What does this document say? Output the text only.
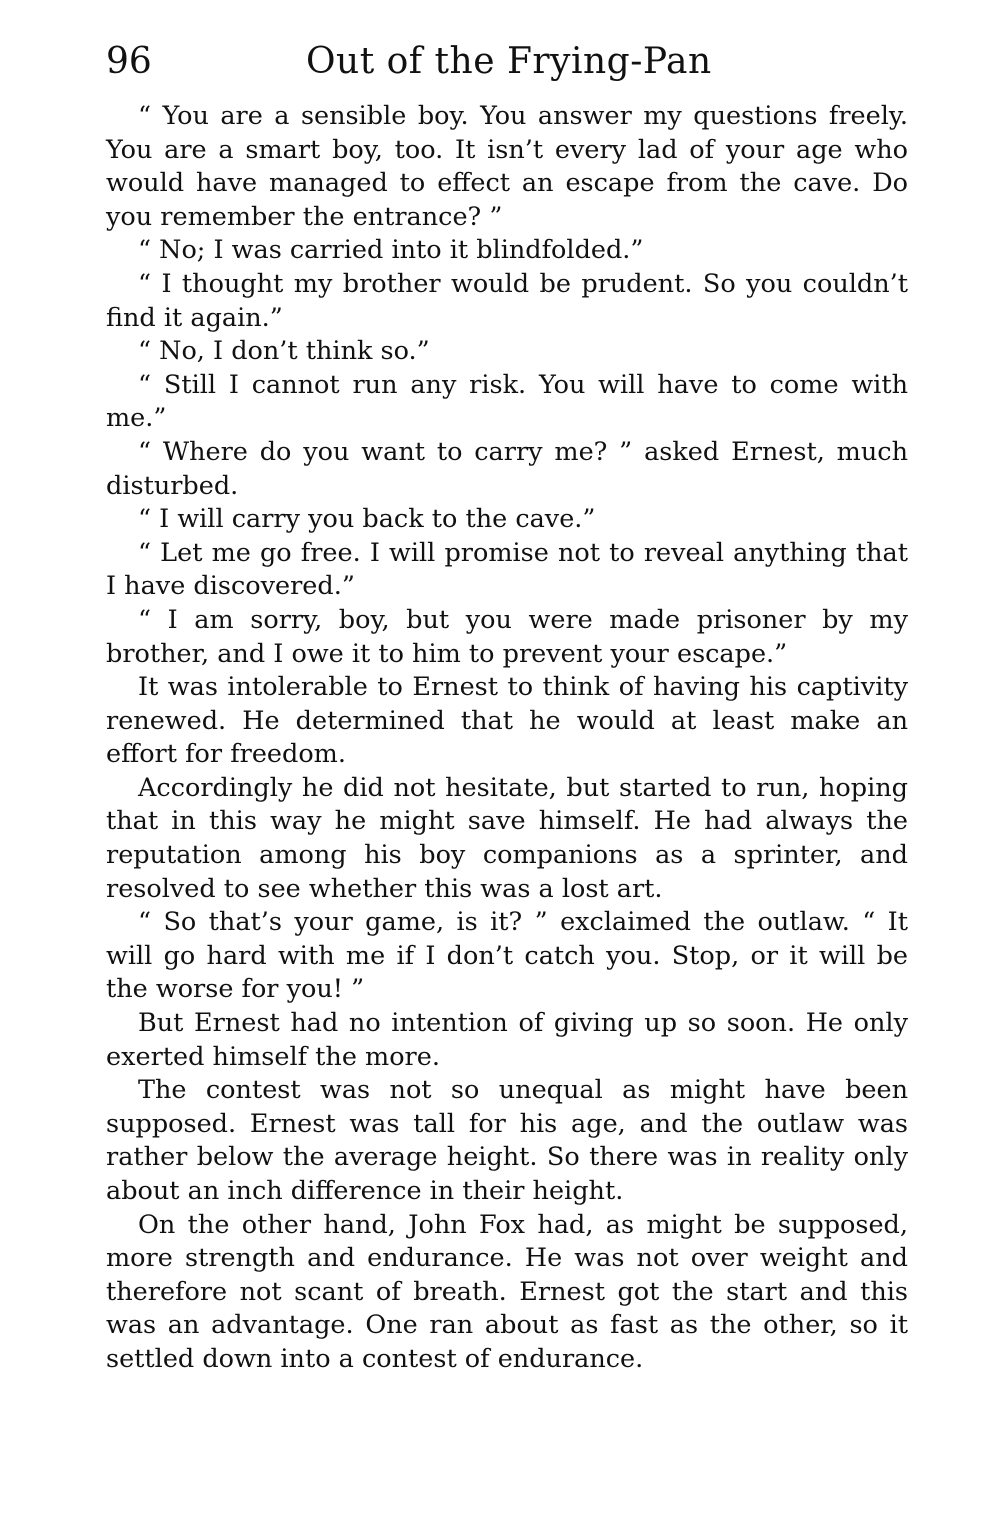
96	Out of the Frying-Pan

“ You are a sensible boy. You answer my questions freely. You are a smart boy, too. It isn’t every lad of your age who would have managed to effect an escape from the cave. Do you remember the entrance? ”

“ No; I was carried into it blindfolded.”

“ I thought my brother would be prudent. So you couldn’t find it again.”

“ No, I don’t think so.”

“ Still I cannot run any risk. You will have to come with me.”

“ Where do you want to carry me? ” asked Ernest, much disturbed.

“ I will carry you back to the cave.”

“ Let me go free. I will promise not to reveal anything that I have discovered.”

“ I am sorry, boy, but you were made prisoner by my brother, and I owe it to him to prevent your escape.”

It was intolerable to Ernest to think of having his captivity renewed. He determined that he would at least make an effort for freedom.

Accordingly he did not hesitate, but started to run, hoping that in this way he might save himself. He had always the reputation among his boy companions as a sprinter, and resolved to see whether this was a lost art.

“ So that’s your game, is it? ” exclaimed the outlaw. “ It will go hard with me if I don’t catch you. Stop, or it will be the worse for you! ”

But Ernest had no intention of giving up so soon. He only exerted himself the more.

The contest was not so unequal as might have been supposed. Ernest was tall for his age, and the outlaw was rather below the average height. So there was in reality only about an inch difference in their height.

On the other hand, John Fox had, as might be supposed, more strength and endurance. He was not over weight and therefore not scant of breath. Ernest got the start and this was an advantage. One ran about as fast as the other, so it settled down into a contest of endurance.
